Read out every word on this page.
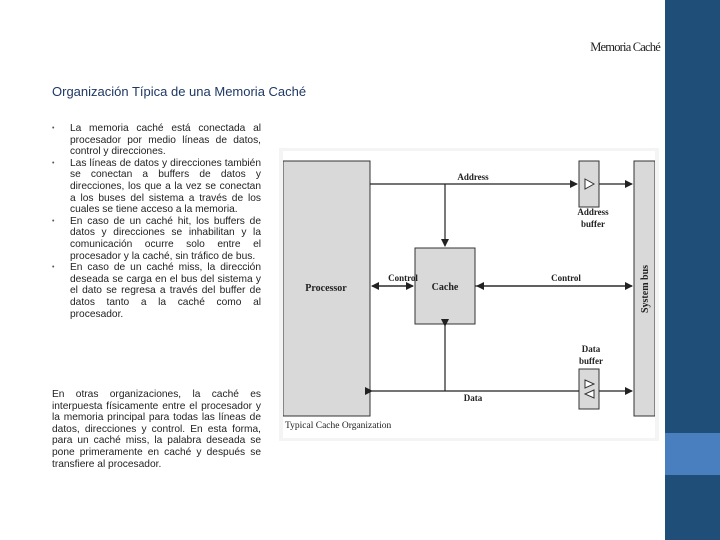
Memoria Caché
Organización Típica de una Memoria Caché
• La memoria caché está conectada al procesador por medio líneas de datos, control y direcciones.
• Las líneas de datos y direcciones también se conectan a buffers de datos y direcciones, los que a la vez se conectan a los buses del sistema a través de los cuales se tiene acceso a la memoria.
• En caso de un caché hit, los buffers de datos y direcciones se inhabilitan y la comunicación ocurre solo entre el procesador y la caché, sin tráfico de bus.
• En caso de un caché miss, la dirección deseada se carga en el bus del sistema y el dato se regresa a través del buffer de datos tanto a la caché como al procesador.

En otras organizaciones, la caché es interpuesta físicamente entre el procesador y la memoria principal para todas las líneas de datos, direcciones y control. En esta forma, para un caché miss, la palabra deseada se pone primeramente en caché y después se transfiere al procesador.

Processor	Cache	System bus
Address
buffer
Data
buffer
Address
Control	Control
Data
Typical Cache Organization
